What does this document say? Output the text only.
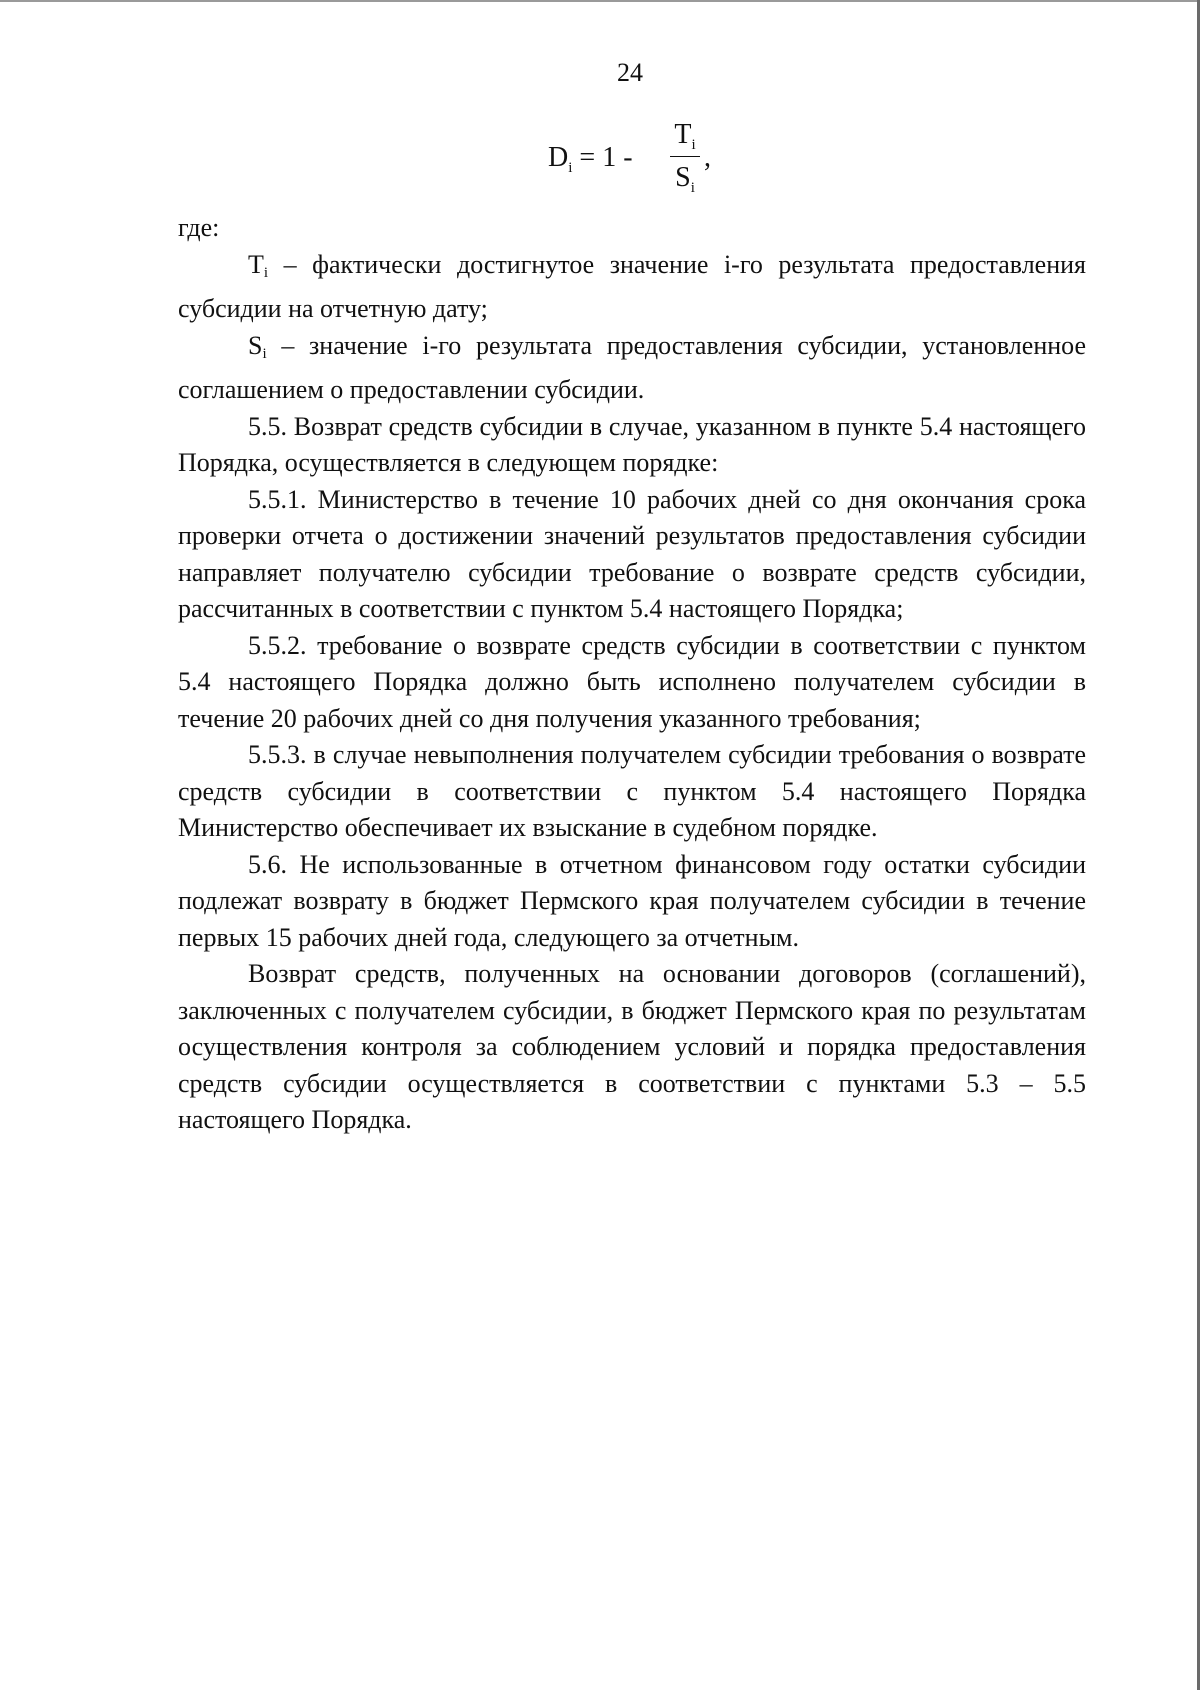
24
$D_i = 1$ -
$T_i$
$S_i$
,

где:

$T_i$ – фактически достигнутое значение i-го результата предоставления субсидии на отчетную дату;

$S_i$ – значение i-го результата предоставления субсидии, установленное соглашением о предоставлении субсидии.

5.5. Возврат средств субсидии в случае, указанном в пункте 5.4 настоящего Порядка, осуществляется в следующем порядке:

5.5.1. Министерство в течение 10 рабочих дней со дня окончания срока проверки отчета о достижении значений результатов предоставления субсидии направляет получателю субсидии требование о возврате средств субсидии, рассчитанных в соответствии с пунктом 5.4 настоящего Порядка;

5.5.2. требование о возврате средств субсидии в соответствии с пунктом 5.4 настоящего Порядка должно быть исполнено получателем субсидии в течение 20 рабочих дней со дня получения указанного требования;

5.5.3. в случае невыполнения получателем субсидии требования о возврате средств субсидии в соответствии с пунктом 5.4 настоящего Порядка Министерство обеспечивает их взыскание в судебном порядке.

5.6. Не использованные в отчетном финансовом году остатки субсидии подлежат возврату в бюджет Пермского края получателем субсидии в течение первых 15 рабочих дней года, следующего за отчетным.

Возврат средств, полученных на основании договоров (соглашений), заключенных с получателем субсидии, в бюджет Пермского края по результатам осуществления контроля за соблюдением условий и порядка предоставления средств субсидии осуществляется в соответствии с пунктами 5.3 – 5.5 настоящего Порядка.
